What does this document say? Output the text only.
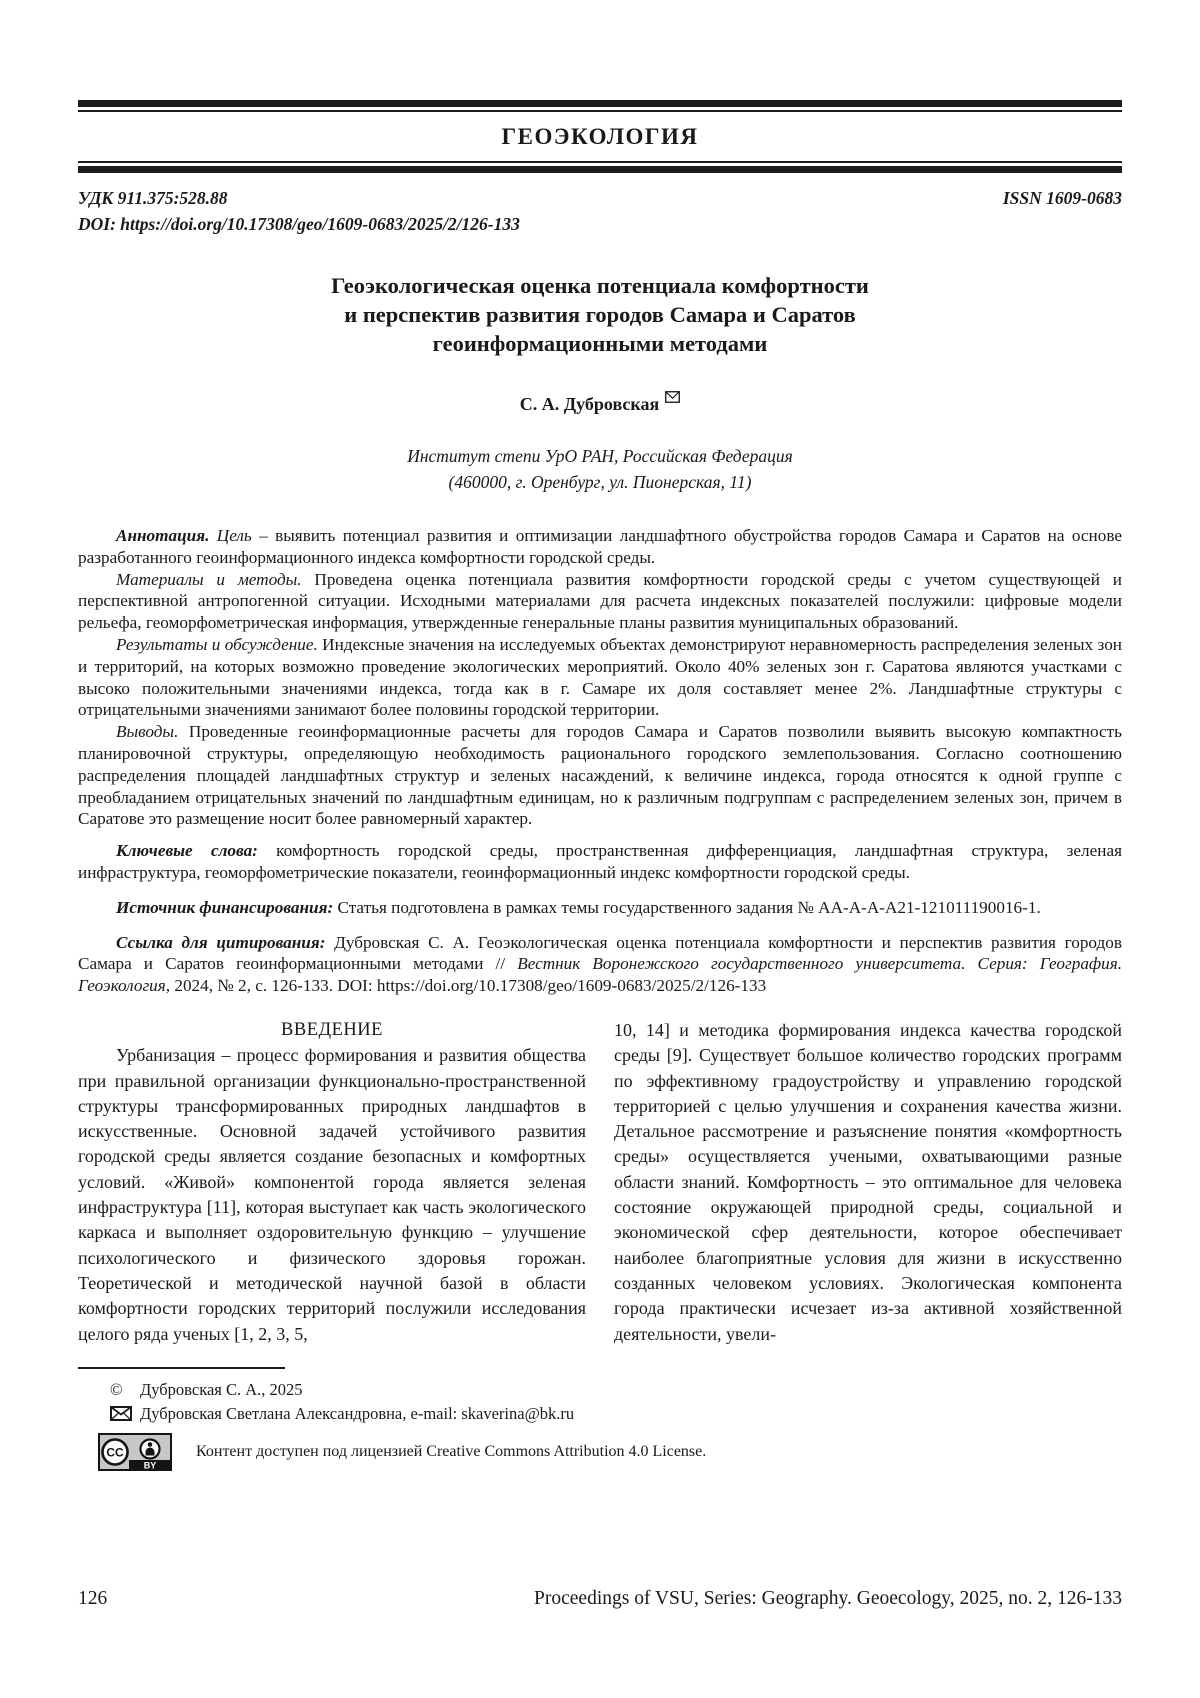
ГЕОЭКОЛОГИЯ
УДК 911.375:528.88	ISSN 1609-0683
DOI: https://doi.org/10.17308/geo/1609-0683/2025/2/126-133
Геоэкологическая оценка потенциала комфортности
и перспектив развития городов Самара и Саратов
геоинформационными методами
С. А. Дубровская
Институт степи УрО РАН, Российская Федерация
(460000, г. Оренбург, ул. Пионерская, 11)

Аннотация. Цель – выявить потенциал развития и оптимизации ландшафтного обустройства городов Самара и Саратов на основе разработанного геоинформационного индекса комфортности городской среды.

Материалы и методы. Проведена оценка потенциала развития комфортности городской среды с учетом существующей и перспективной антропогенной ситуации. Исходными материалами для расчета индексных показателей послужили: цифровые модели рельефа, геоморфометрическая информация, утвержденные генеральные планы развития муниципальных образований.

Результаты и обсуждение. Индексные значения на исследуемых объектах демонстрируют неравномерность распределения зеленых зон и территорий, на которых возможно проведение экологических мероприятий. Около 40% зеленых зон г. Саратова являются участками с высоко положительными значениями индекса, тогда как в г. Самаре их доля составляет менее 2%. Ландшафтные структуры с отрицательными значениями занимают более половины городской территории.

Выводы. Проведенные геоинформационные расчеты для городов Самара и Саратов позволили выявить высокую компактность планировочной структуры, определяющую необходимость рационального городского землепользования. Согласно соотношению распределения площадей ландшафтных структур и зеленых насаждений, к величине индекса, города относятся к одной группе с преобладанием отрицательных значений по ландшафтным единицам, но к различным подгруппам с распределением зеленых зон, причем в Саратове это размещение носит более равномерный характер.

Ключевые слова: комфортность городской среды, пространственная дифференциация, ландшафтная структура, зеленая инфраструктура, геоморфометрические показатели, геоинформационный индекс комфортности городской среды.

Источник финансирования: Статья подготовлена в рамках темы государственного задания № АА-А-А-А21-121011190016-1.

Ссылка для цитирования: Дубровская С. А. Геоэкологическая оценка потенциала комфортности и перспектив развития городов Самара и Саратов геоинформационными методами // Вестник Воронежского государственного университета. Серия: География. Геоэкология, 2024, № 2, с. 126-133. DOI: https://doi.org/10.17308/geo/1609-0683/2025/2/126-133

ВВЕДЕНИЕ

Урбанизация – процесс формирования и развития общества при правильной организации функционально-пространственной структуры трансформированных природных ландшафтов в искусственные. Основной задачей устойчивого развития городской среды является создание безопасных и комфортных условий. «Живой» компонентой города является зеленая инфраструктура [11], которая выступает как часть экологического каркаса и выполняет оздоровительную функцию – улучшение психологического и физического здоровья горожан. Теоретической и методической научной базой в области комфортности городских территорий послужили исследования целого ряда ученых [1, 2, 3, 5,

10, 14] и методика формирования индекса качества городской среды [9]. Существует большое количество городских программ по эффективному градоустройству и управлению городской территорией с целью улучшения и сохранения качества жизни. Детальное рассмотрение и разъяснение понятия «комфортность среды» осуществляется учеными, охватывающими разные области знаний. Комфортность – это оптимальное для человека состояние окружающей природной среды, социальной и экономической сфер деятельности, которое обеспечивает наиболее благоприятные условия для жизни в искусственно созданных человеком условиях. Экологическая компонента города практически исчезает из-за активной хозяйственной деятельности, увели-

©	Дубровская С. А., 2025
Дубровская Светлана Александровна, e-mail: skaverina@bk.ru
BY
CC	Контент доступен под лицензией Creative Commons Attribution 4.0 License.
126	Proceedings of VSU, Series: Geography. Geoecology, 2025, no. 2, 126-133
